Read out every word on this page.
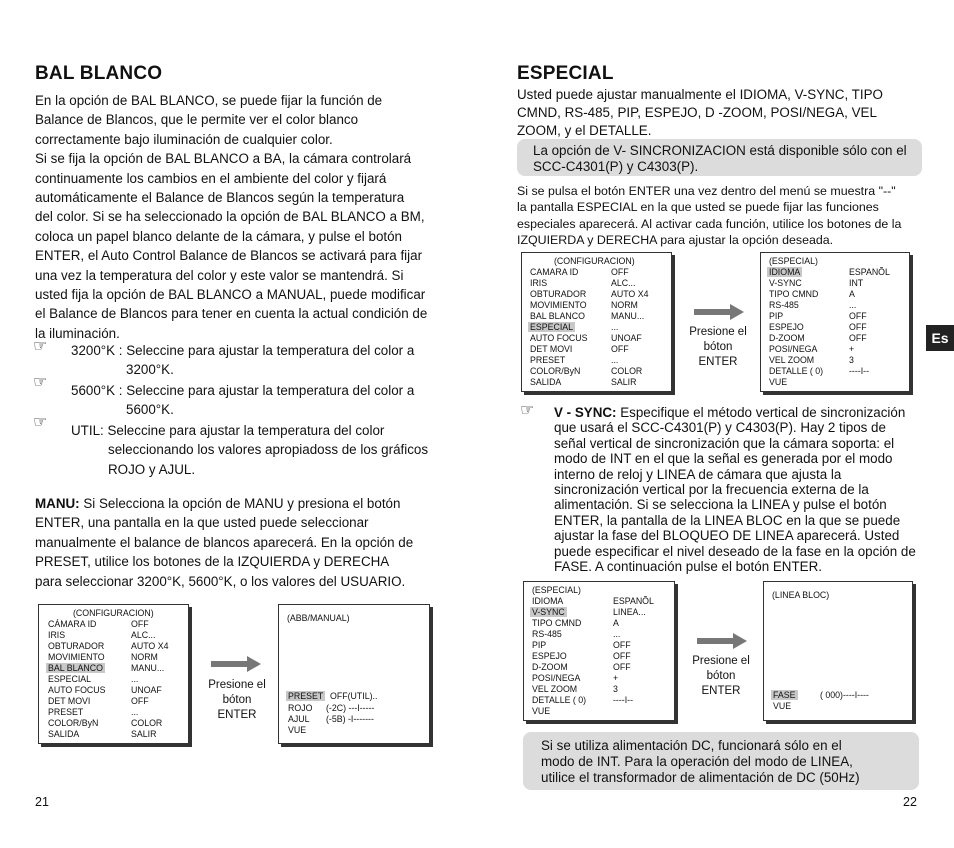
BAL BLANCO

En la opción de BAL BLANCO, se puede fijar la función de

Balance de Blancos, que le permite ver el color blanco

correctamente bajo iluminación de cualquier color.

Si se fija la opción de BAL BLANCO a BA, la cámara controlará

continuamente los cambios en el ambiente del color y fijará

automáticamente el Balance de Blancos según la temperatura

del color. Si se ha seleccionado la opción de BAL BLANCO a BM,

coloca un papel blanco delante de la cámara, y pulse el botón

ENTER, el Auto Control Balance de Blancos se activará para fijar

una vez la temperatura del color y este valor se mantendrá. Si

usted fija la opción de BAL BLANCO a MANUAL, puede modificar

el Balance de Blancos para tener en cuenta la actual condición de

la iluminación.

☞ 3200°K : Seleccine para ajustar la temperatura del color a
3200°K.
☞ 5600°K : Seleccine para ajustar la temperatura del color a
5600°K.
☞ UTIL: Seleccine para ajustar la temperatura del color
seleccionando los valores apropiadoss de los gráficos
ROJO y AJUL.

MANU: Si Selecciona la opción de MANU y presiona el botón

ENTER, una pantalla en la que usted puede seleccionar

manualmente el balance de blancos aparecerá. En la opción de

PRESET, utilice los botones de la IZQUIERDA y DERECHA

para seleccionar 3200°K, 5600°K, o los valores del USUARIO.

(CONFIGURACION)
CÁMARA ID	OFF
IRIS	ALC...
OBTURADOR	AUTO X4
MOVIMIENTO	NORM
BAL BLANCO	MANU...
ESPECIAL	...
AUTO FOCUS	UNOAF
DET MOVI	OFF
PRESET	...
COLOR/ByN	COLOR
SALIDA	SALIR
Presione el
bóton
ENTER
(ABB/MANUAL)
PRESET OFF(UTIL)..
ROJO (-2C) ---I-----
AJUL (-5B) -I-------
VUE
21
ESPECIAL

Usted puede ajustar manualmente el IDIOMA, V-SYNC, TIPO

CMND, RS-485, PIP, ESPEJO, D -ZOOM, POSI/NEGA, VEL

ZOOM, y el DETALLE.

La opción de V- SINCRONIZACION está disponible sólo con el
SCC-C4301(P) y C4303(P).
Si se pulsa el botón ENTER una vez dentro del menú se muestra "--"
la pantalla ESPECIAL en la que usted se puede fijar las funciones
especiales aparecerá. Al activar cada función, utilice los botones de la
IZQUIERDA y DERECHA para ajustar la opción deseada.
(CONFIGURACION)
CAMARA ID	OFF
IRIS	ALC...
OBTURADOR	AUTO X4
MOVIMIENTO	NORM
BAL BLANCO	MANU...
ESPECIAL	...
AUTO FOCUS	UNOAF
DET MOVI	OFF
PRESET	...
COLOR/ByN	COLOR
SALIDA	SALIR
Presione el
bóton
ENTER
(ESPECIAL)
IDIOMA	ESPANÕL
V-SYNC	INT
TIPO CMND	A
RS-485	...
PIP	OFF
ESPEJO	OFF
D-ZOOM	OFF
POSI/NEGA	+
VEL ZOOM	3
DETALLE ( 0)	----I--
VUE
Es
☞ V - SYNC: Especifique el método vertical de sincronización
que usará el SCC-C4301(P) y C4303(P). Hay 2 tipos de
señal vertical de sincronización que la cámara soporta: el
modo de INT en el que la señal es generada por el modo
interno de reloj y LINEA de cámara que ajusta la
sincronización vertical por la frecuencia externa de la
alimentación. Si se selecciona la LINEA y pulse el botón
ENTER, la pantalla de la LINEA BLOC en la que se puede
ajustar la fase del BLOQUEO DE LINEA aparecerá. Usted
puede especificar el nivel deseado de la fase en la opción de
FASE. A continuación pulse el botón ENTER.
(ESPECIAL)
IDIOMA	ESPANÕL
V-SYNC	LINEA...
TIPO CMND	A
RS-485	...
PIP	OFF
ESPEJO	OFF
D-ZOOM	OFF
POSI/NEGA	+
VEL ZOOM	3
DETALLE ( 0)	----I--
VUE
Presione el
bóton
ENTER
(LINEA BLOC)
FASE	( 000)----I----
VUE
Si se utiliza alimentación DC, funcionará sólo en el
modo de INT. Para la operación del modo de LINEA,
utilice el transformador de alimentación de DC (50Hz)
22
